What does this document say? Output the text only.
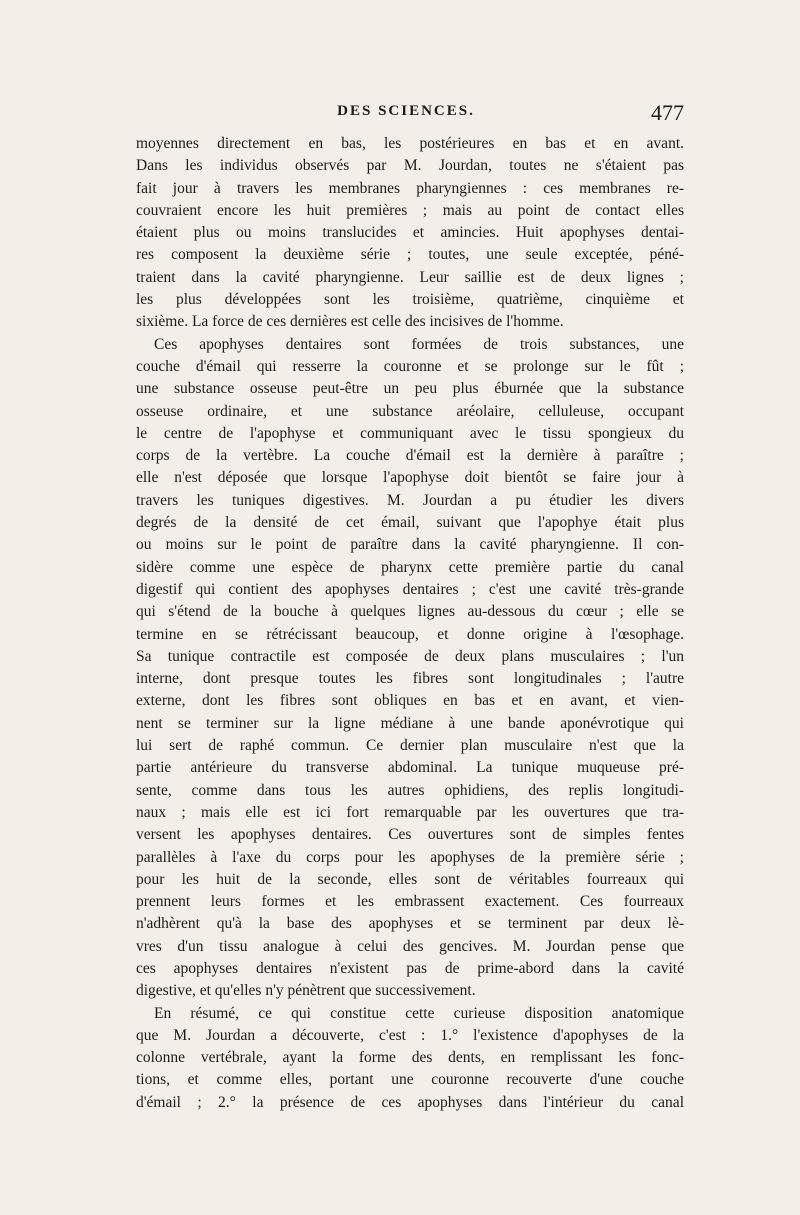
DES SCIENCES.	477
moyennes directement en bas, les postérieures en bas et en avant.
Dans les individus observés par M. Jourdan, toutes ne s'étaient pas
fait jour à travers les membranes pharyngiennes : ces membranes re-
couvraient encore les huit premières ; mais au point de contact elles
étaient plus ou moins translucides et amincies. Huit apophyses dentai-
res composent la deuxième série ; toutes, une seule exceptée, péné-
traient dans la cavité pharyngienne. Leur saillie est de deux lignes ;
les plus développées sont les troisième, quatrième, cinquième et
sixième. La force de ces dernières est celle des incisives de l'homme.
Ces apophyses dentaires sont formées de trois substances, une
couche d'émail qui resserre la couronne et se prolonge sur le fût ;
une substance osseuse peut-être un peu plus éburnée que la substance
osseuse ordinaire, et une substance aréolaire, celluleuse, occupant
le centre de l'apophyse et communiquant avec le tissu spongieux du
corps de la vertèbre. La couche d'émail est la dernière à paraître ;
elle n'est déposée que lorsque l'apophyse doit bientôt se faire jour à
travers les tuniques digestives. M. Jourdan a pu étudier les divers
degrés de la densité de cet émail, suivant que l'apophye était plus
ou moins sur le point de paraître dans la cavité pharyngienne. Il con-
sidère comme une espèce de pharynx cette première partie du canal
digestif qui contient des apophyses dentaires ; c'est une cavité très-grande
qui s'étend de la bouche à quelques lignes au-dessous du cœur ; elle se
termine en se rétrécissant beaucoup, et donne origine à l'œsophage.
Sa tunique contractile est composée de deux plans musculaires ; l'un
interne, dont presque toutes les fibres sont longitudinales ; l'autre
externe, dont les fibres sont obliques en bas et en avant, et vien-
nent se terminer sur la ligne médiane à une bande aponévrotique qui
lui sert de raphé commun. Ce dernier plan musculaire n'est que la
partie antérieure du transverse abdominal. La tunique muqueuse pré-
sente, comme dans tous les autres ophidiens, des replis longitudi-
naux ; mais elle est ici fort remarquable par les ouvertures que tra-
versent les apophyses dentaires. Ces ouvertures sont de simples fentes
parallèles à l'axe du corps pour les apophyses de la première série ;
pour les huit de la seconde, elles sont de véritables fourreaux qui
prennent leurs formes et les embrassent exactement. Ces fourreaux
n'adhèrent qu'à la base des apophyses et se terminent par deux lè-
vres d'un tissu analogue à celui des gencives. M. Jourdan pense que
ces apophyses dentaires n'existent pas de prime-abord dans la cavité
digestive, et qu'elles n'y pénètrent que successivement.
En résumé, ce qui constitue cette curieuse disposition anatomique
que M. Jourdan a découverte, c'est : 1.° l'existence d'apophyses de la
colonne vertébrale, ayant la forme des dents, en remplissant les fonc-
tions, et comme elles, portant une couronne recouverte d'une couche
d'émail ; 2.° la présence de ces apophyses dans l'intérieur du canal
